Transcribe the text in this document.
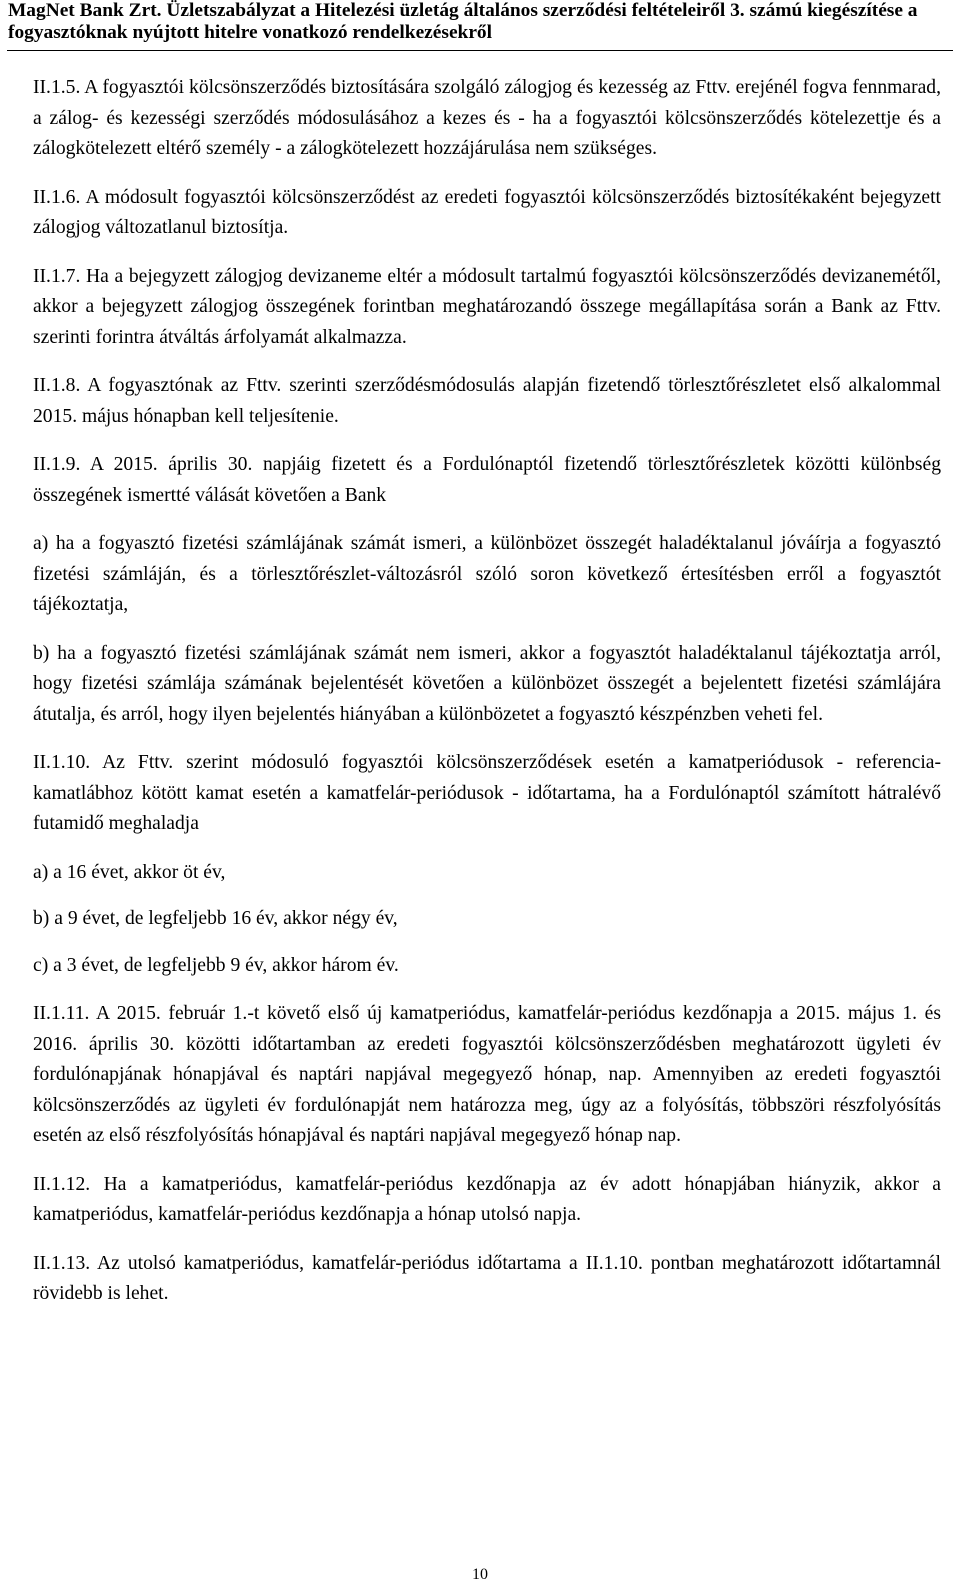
MagNet Bank Zrt. Üzletszabályzat a Hitelezési üzletág általános szerződési feltételeiről 3. számú kiegészítése a
fogyasztóknak nyújtott hitelre vonatkozó rendelkezésekről

II.1.5. A fogyasztói kölcsönszerződés biztosítására szolgáló zálogjog és kezesség az Fttv. erejénél fogva fennmarad, a zálog- és kezességi szerződés módosulásához a kezes és - ha a fogyasztói kölcsönszerződés kötelezettje és a zálogkötelezett eltérő személy - a zálogkötelezett hozzájárulása nem szükséges.

II.1.6. A módosult fogyasztói kölcsönszerződést az eredeti fogyasztói kölcsönszerződés biztosítékaként bejegyzett zálogjog változatlanul biztosítja.

II.1.7. Ha a bejegyzett zálogjog devizaneme eltér a módosult tartalmú fogyasztói kölcsönszerződés devizanemétől, akkor a bejegyzett zálogjog összegének forintban meghatározandó összege megállapítása során a Bank az Fttv. szerinti forintra átváltás árfolyamát alkalmazza.

II.1.8. A fogyasztónak az Fttv. szerinti szerződésmódosulás alapján fizetendő törlesztőrészletet első alkalommal 2015. május hónapban kell teljesítenie.

II.1.9. A 2015. április 30. napjáig fizetett és a Fordulónaptól fizetendő törlesztőrészletek közötti különbség összegének ismertté válását követően a Bank

a) ha a fogyasztó fizetési számlájának számát ismeri, a különbözet összegét haladéktalanul jóváírja a fogyasztó fizetési számláján, és a törlesztőrészlet-változásról szóló soron következő értesítésben erről a fogyasztót tájékoztatja,

b) ha a fogyasztó fizetési számlájának számát nem ismeri, akkor a fogyasztót haladéktalanul tájékoztatja arról, hogy fizetési számlája számának bejelentését követően a különbözet összegét a bejelentett fizetési számlájára átutalja, és arról, hogy ilyen bejelentés hiányában a különbözetet a fogyasztó készpénzben veheti fel.

II.1.10. Az Fttv. szerint módosuló fogyasztói kölcsönszerződések esetén a kamatperiódusok - referencia-kamatlábhoz kötött kamat esetén a kamatfelár-periódusok - időtartama, ha a Fordulónaptól számított hátralévő futamidő meghaladja

a) a 16 évet, akkor öt év,

b) a 9 évet, de legfeljebb 16 év, akkor négy év,

c) a 3 évet, de legfeljebb 9 év, akkor három év.

II.1.11. A 2015. február 1.-t követő első új kamatperiódus, kamatfelár-periódus kezdőnapja a 2015. május 1. és 2016. április 30. közötti időtartamban az eredeti fogyasztói kölcsönszerződésben meghatározott ügyleti év fordulónapjának hónapjával és naptári napjával megegyező hónap, nap. Amennyiben az eredeti fogyasztói kölcsönszerződés az ügyleti év fordulónapját nem határozza meg, úgy az a folyósítás, többszöri részfolyósítás esetén az első részfolyósítás hónapjával és naptári napjával megegyező hónap nap.

II.1.12. Ha a kamatperiódus, kamatfelár-periódus kezdőnapja az év adott hónapjában hiányzik, akkor a kamatperiódus, kamatfelár-periódus kezdőnapja a hónap utolsó napja.

II.1.13. Az utolsó kamatperiódus, kamatfelár-periódus időtartama a II.1.10. pontban meghatározott időtartamnál rövidebb is lehet.

10
